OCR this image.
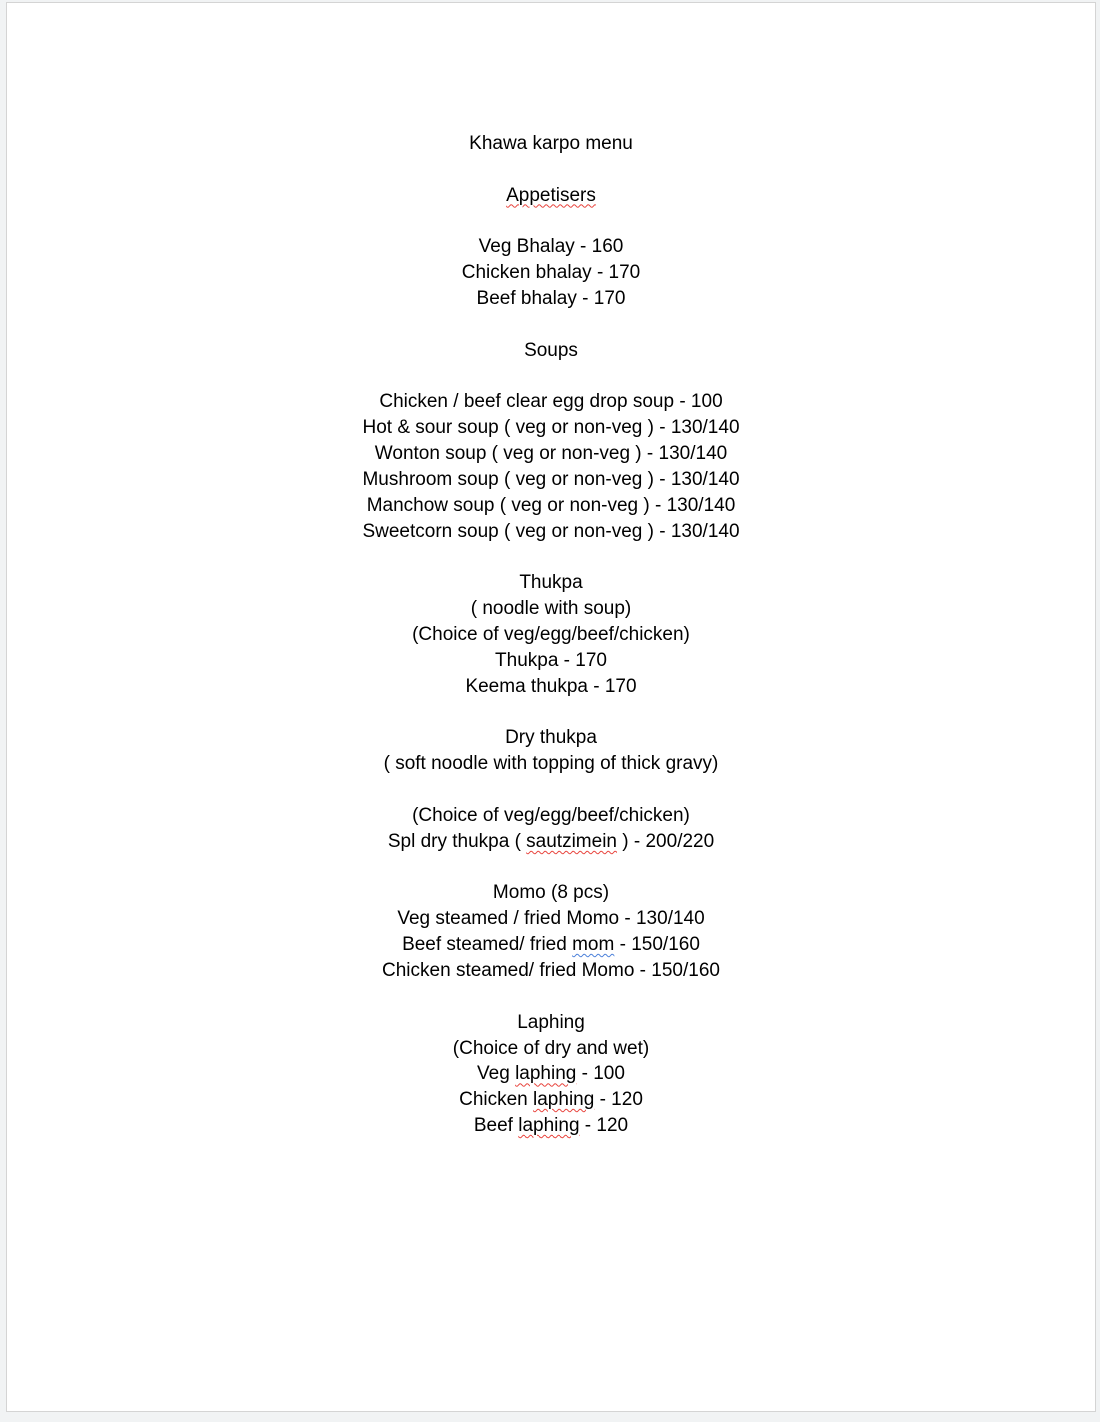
Khawa karpo menu
Appetisers
Veg Bhalay - 160
Chicken bhalay - 170
Beef bhalay - 170
Soups
Chicken / beef clear egg drop soup - 100
Hot & sour soup ( veg or non-veg ) - 130/140
Wonton soup ( veg or non-veg ) - 130/140
Mushroom soup ( veg or non-veg ) - 130/140
Manchow soup ( veg or non-veg ) - 130/140
Sweetcorn soup ( veg or non-veg ) - 130/140
Thukpa
( noodle with soup)
(Choice of veg/egg/beef/chicken)
Thukpa - 170
Keema thukpa - 170
Dry thukpa
( soft noodle with topping of thick gravy)
(Choice of veg/egg/beef/chicken)
Spl dry thukpa ( sautzimein ) - 200/220
Momo (8 pcs)
Veg steamed / fried Momo - 130/140
Beef steamed/ fried mom - 150/160
Chicken steamed/ fried Momo - 150/160
Laphing
(Choice of dry and wet)
Veg laphing - 100
Chicken laphing - 120
Beef laphing - 120
